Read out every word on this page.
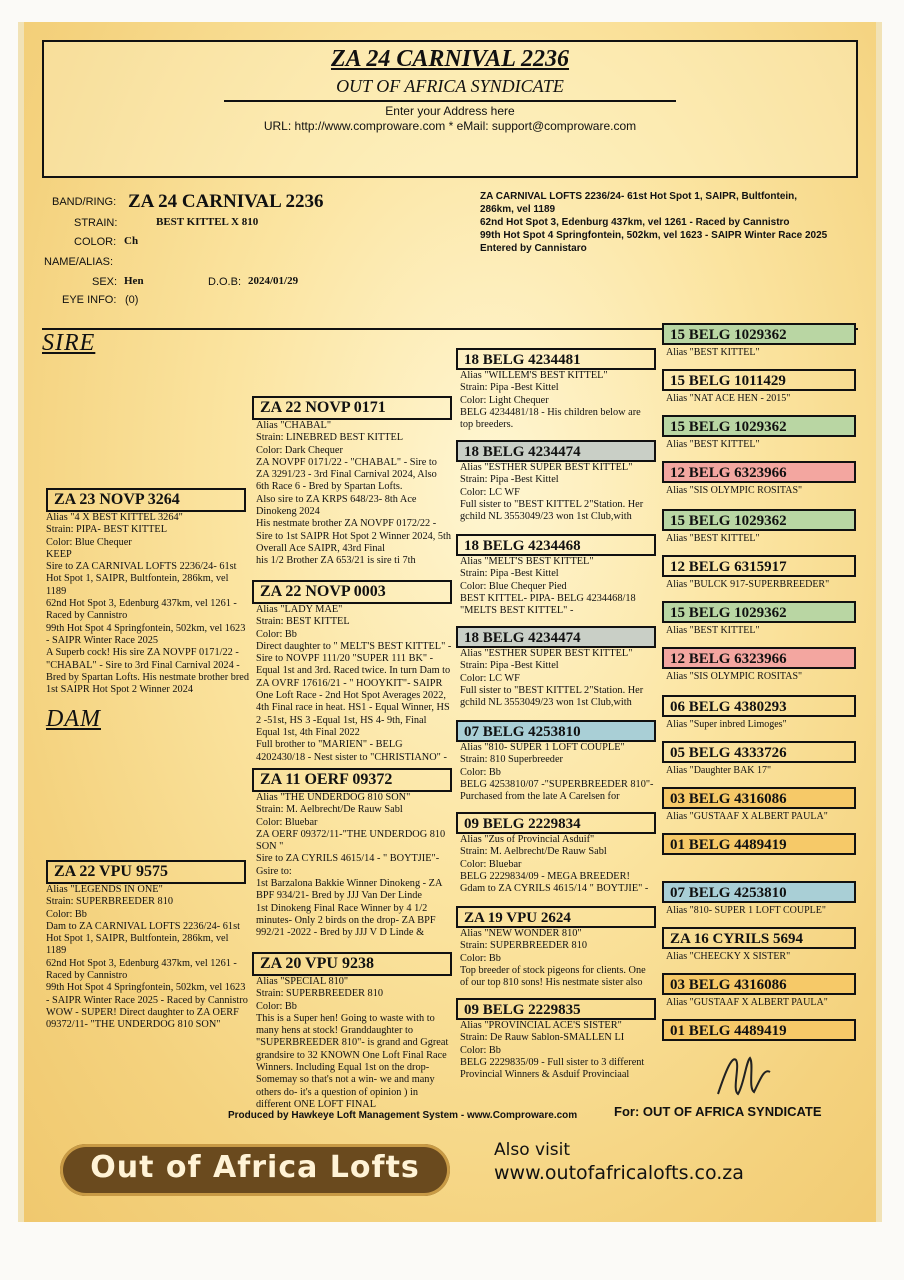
ZA 24 CARNIVAL 2236
OUT OF AFRICA SYNDICATE
Enter your Address here
URL: http://www.comproware.com * eMail: support@comproware.com
BAND/RING: ZA 24 CARNIVAL 2236
STRAIN:	BEST KITTEL X 810
COLOR: Ch
NAME/ALIAS:
SEX: Hen	D.O.B: 2024/01/29
EYE INFO: (0)
ZA CARNIVAL LOFTS 2236/24- 61st Hot Spot 1, SAIPR, Bultfontein, 286km, vel 1189
62nd Hot Spot 3, Edenburg 437km, vel 1261 - Raced by Cannistro
99th Hot Spot 4 Springfontein, 502km, vel 1623 - SAIPR Winter Race 2025
Entered by Cannistaro
SIRE
DAM
ZA 23 NOVP 3264
Alias "4 X BEST KITTEL 3264"
Strain: PIPA- BEST KITTEL
Color: Blue Chequer
KEEP
Sire to ZA CARNIVAL LOFTS 2236/24- 61st Hot Spot 1, SAIPR, Bultfontein, 286km, vel 1189
62nd Hot Spot 3, Edenburg 437km, vel 1261 - Raced by Cannistro
99th Hot Spot 4 Springfontein, 502km, vel 1623 - SAIPR Winter Race 2025
A Superb cock! His sire ZA NOVPF 0171/22 - "CHABAL" - Sire to 3rd Final Carnival 2024 - Bred by Spartan Lofts. His nestmate brother bred 1st SAIPR Hot Spot 2 Winner 2024
ZA 22 VPU 9575
Alias "LEGENDS IN ONE"
Strain: SUPERBREEDER 810
Color: Bb
Dam to ZA CARNIVAL LOFTS 2236/24- 61st Hot Spot 1, SAIPR, Bultfontein, 286km, vel 1189
62nd Hot Spot 3, Edenburg 437km, vel 1261 - Raced by Cannistro
99th Hot Spot 4 Springfontein, 502km, vel 1623 - SAIPR Winter Race 2025 - Raced by Cannistro
WOW - SUPER! Direct daughter to ZA OERF 09372/11- "THE UNDERDOG 810 SON"
ZA 22 NOVP 0171
Alias "CHABAL"
Strain: LINEBRED BEST KITTEL
Color: Dark Chequer
ZA NOVPF 0171/22 - "CHABAL" - Sire to ZA 3291/23 - 3rd Final Carnival 2024, Also 6th Race 6 - Bred by Spartan Lofts.
Also sire to ZA KRPS 648/23- 8th Ace Dinokeng 2024
His nestmate brother ZA NOVPF 0172/22 - Sire to 1st SAIPR Hot Spot 2 Winner 2024, 5th Overall Ace SAIPR, 43rd Final
his 1/2 Brother ZA 653/21 is sire ti 7th
ZA 22 NOVP 0003
Alias "LADY MAE"
Strain: BEST KITTEL
Color: Bb
Direct daughter to " MELT'S BEST KITTEL" - Sire to NOVPF 111/20 "SUPER 111 BK" - Equal 1st and 3rd. Raced twice. In turn Dam to ZA OVRF 17616/21 - " HOOYKIT"- SAIPR One Loft Race - 2nd Hot Spot Averages 2022, 4th Final race in heat. HS1 - Equal Winner, HS 2 -51st, HS 3 -Equal 1st, HS 4- 9th, Final Equal 1st, 4th Final 2022
Full brother to "MARIEN" - BELG 4202430/18 - Nest sister to "CHRISTIANO" -
ZA 11 OERF 09372
Alias "THE UNDERDOG 810 SON"
Strain: M. Aelbrecht/De Rauw Sabl
Color: Bluebar
ZA OERF 09372/11-"THE UNDERDOG 810 SON "
Sire to ZA CYRILS 4615/14 - " BOYTJIE"-
Gsire to:
1st Barzalona Bakkie Winner Dinokeng - ZA BPF 934/21- Bred by JJJ Van Der Linde
1st Dinokeng Final Race Winner by 4 1/2 minutes- Only 2 birds on the drop- ZA BPF 992/21 -2022 - Bred by JJJ V D Linde &
ZA 20 VPU 9238
Alias "SPECIAL 810"
Strain: SUPERBREEDER 810
Color: Bb
This is a Super hen! Going to waste with to many hens at stock! Granddaughter to "SUPERBREEDER 810"- is grand and Ggreat grandsire to 32 KNOWN One Loft Final Race Winners. Including Equal 1st on the drop- Somemay so that's not a win- we and many others do- it's a question of opinion ) in different ONE LOFT FINAL
18 BELG 4234481
Alias "WILLEM'S BEST KITTEL"
Strain: Pipa -Best Kittel
Color: Light Chequer
BELG 4234481/18 - His children below are top breeders.
18 BELG 4234474
Alias "ESTHER SUPER BEST KITTEL"
Strain: Pipa -Best Kittel
Color: LC WF
Full sister to "BEST KITTEL 2"Station. Her gchild NL 3553049/23 won 1st Club,with
18 BELG 4234468
Alias "MELT'S BEST KITTEL"
Strain: Pipa -Best Kittel
Color: Blue Chequer Pied
BEST KITTEL- PIPA- BELG 4234468/18 "MELTS BEST KITTEL" -
18 BELG 4234474
Alias "ESTHER SUPER BEST KITTEL"
Strain: Pipa -Best Kittel
Color: LC WF
Full sister to "BEST KITTEL 2"Station. Her gchild NL 3553049/23 won 1st Club,with
07 BELG 4253810
Alias "810- SUPER 1 LOFT COUPLE"
Strain: 810 Superbreeder
Color: Bb
BELG 4253810/07 -"SUPERBREEDER 810"- Purchased from the late A Carelsen for
09 BELG 2229834
Alias "Zus of Provincial Asduif"
Strain: M. Aelbrecht/De Rauw Sabl
Color: Bluebar
BELG 2229834/09 - MEGA BREEDER!
Gdam to ZA CYRILS 4615/14 " BOYTJIE" -
ZA 19 VPU 2624
Alias "NEW WONDER 810"
Strain: SUPERBREEDER 810
Color: Bb
Top breeder of stock pigeons for clients. One of our top 810 sons! His nestmate sister also
09 BELG 2229835
Alias "PROVINCIAL ACE'S SISTER"
Strain: De Rauw Sablon-SMALLEN LI
Color: Bb
BELG 2229835/09 - Full sister to 3 different Provincial Winners & Asduif Provinciaal
15 BELG 1029362
Alias "BEST KITTEL"
15 BELG 1011429
Alias "NAT ACE HEN - 2015"
15 BELG 1029362
Alias "BEST KITTEL"
12 BELG 6323966
Alias "SIS OLYMPIC ROSITAS"
15 BELG 1029362
Alias "BEST KITTEL"
12 BELG 6315917
Alias "BULCK 917-SUPERBREEDER"
15 BELG 1029362
Alias "BEST KITTEL"
12 BELG 6323966
Alias "SIS OLYMPIC ROSITAS"
06 BELG 4380293
Alias "Super inbred Limoges"
05 BELG 4333726
Alias "Daughter BAK 17"
03 BELG 4316086
Alias "GUSTAAF X ALBERT PAULA"
01 BELG 4489419
07 BELG 4253810
Alias "810- SUPER 1 LOFT COUPLE"
ZA 16 CYRILS 5694
Alias "CHEECKY X SISTER"
03 BELG 4316086
Alias "GUSTAAF X ALBERT PAULA"
01 BELG 4489419
Produced by Hawkeye Loft Management System - www.Comproware.com	For: OUT OF AFRICA SYNDICATE
Out of Africa Lofts	Also visit
www.outofafricalofts.co.za
